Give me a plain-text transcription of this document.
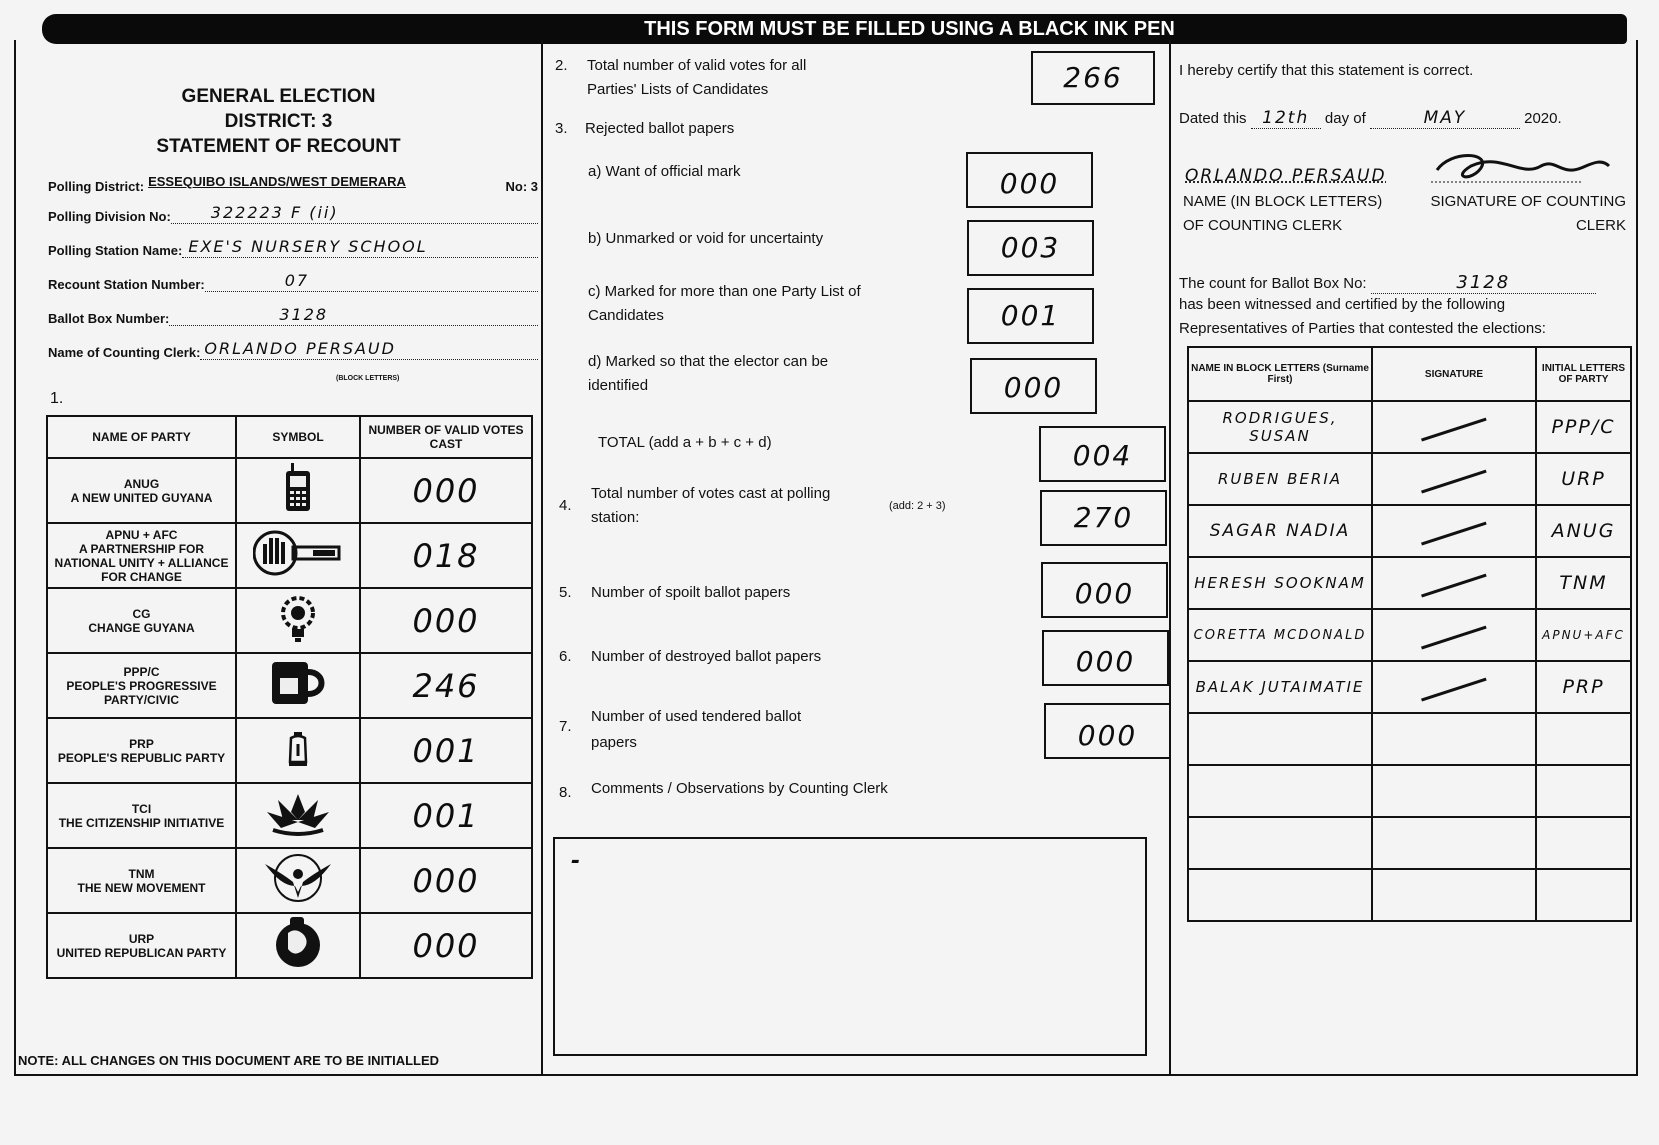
THIS FORM MUST BE FILLED USING A BLACK INK PEN
GENERAL ELECTION
DISTRICT: 3
STATEMENT OF RECOUNT
Polling District: ESSEQUIBO ISLANDS/WEST DEMERARA	No: 3
Polling Division No:	322223 F (ii)
Polling Station Name: EXE'S NURSERY SCHOOL
Recount Station Number:	07
Ballot Box Number:	3128
Name of Counting Clerk: ORLANDO PERSAUD
(BLOCK LETTERS)
1.
NAME OF PARTY	SYMBOL	NUMBER OF VALID VOTES CAST

ANUG
A NEW UNITED GUYANA		000

APNU + AFC
A PARTNERSHIP FOR NATIONAL UNITY + ALLIANCE FOR CHANGE		018

CG
CHANGE GUYANA		000

PPP/C
PEOPLE'S PROGRESSIVE PARTY/CIVIC		246

PRP
PEOPLE'S REPUBLIC PARTY		001

TCI
THE CITIZENSHIP INITIATIVE		001

TNM
THE NEW MOVEMENT		000

URP
UNITED REPUBLICAN PARTY		000
NOTE: ALL CHANGES ON THIS DOCUMENT ARE TO BE INITIALLED
2. Total number of valid votes for all
Parties' Lists of Candidates	266
3. Rejected ballot papers
a) Want of official mark	000
b) Unmarked or void for uncertainty	003
c) Marked for more than one Party List of
Candidates	001
d) Marked so that the elector can be
identified	000
TOTAL (add a + b + c + d)	004
4.
Total number of votes cast at polling
station:
(add: 2 + 3)	270
5. Number of spoilt ballot papers	000
6. Number of destroyed ballot papers	000
7.
Number of used tendered ballot
papers	000
8. Comments / Observations by Counting Clerk
-
I hereby certify that this statement is correct.
Dated this 12th day of	MAY	2020.
ORLANDO PERSAUD
NAME (IN BLOCK LETTERS)
OF COUNTING CLERK
SIGNATURE OF COUNTING
CLERK
The count for Ballot Box No:	3128
has been witnessed and certified by the following
Representatives of Parties that contested the elections:
NAME IN BLOCK LETTERS (Surname First)	SIGNATURE	INITIAL LETTERS OF PARTY
RODRIGUES, SUSAN		PPP/C
RUBEN BERIA		URP
SAGAR NADIA		ANUG
HERESH SOOKNAM		TNM
CORETTA MCDONALD		APNU+AFC
BALAK JUTAIMATIE		PRP
